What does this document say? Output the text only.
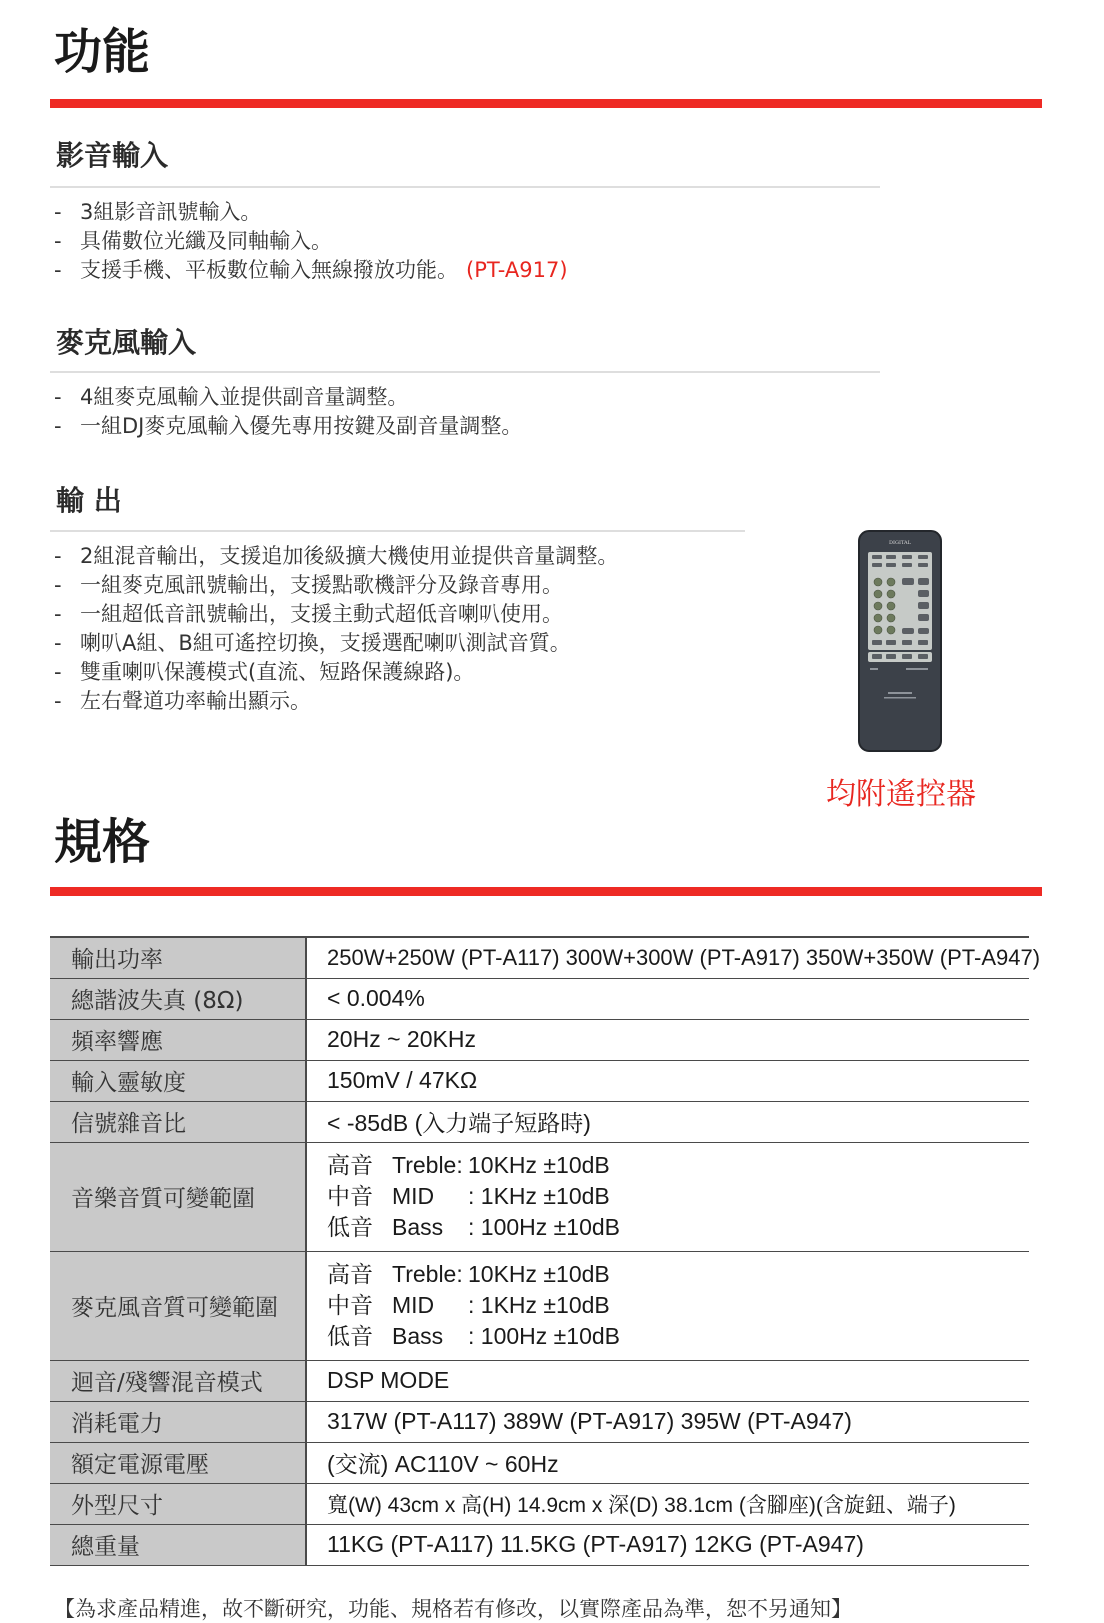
功能
影音輸入
- 3組影音訊號輸入。
- 具備數位光纖及同軸輸入。
- 支援手機、平板數位輸入無線撥放功能。 (PT-A917)
麥克風輸入
- 4組麥克風輸入並提供副音量調整。
- 一組DJ麥克風輸入優先專用按鍵及副音量調整。
輸 出
- 2組混音輸出，支援追加後級擴大機使用並提供音量調整。
- 一組麥克風訊號輸出，支援點歌機評分及錄音專用。
- 一組超低音訊號輸出，支援主動式超低音喇叭使用。
- 喇叭A組、B組可遙控切換，支援選配喇叭測試音質。
- 雙重喇叭保護模式(直流、短路保護線路)。
- 左右聲道功率輸出顯示。
DIGITAL

均附遙控器

規格
輸出功率	250W+250W (PT-A117) 300W+300W (PT-A917) 350W+350W (PT-A947)
總諧波失真 (8Ω)	< 0.004%
頻率響應	20Hz ~ 20KHz
輸入靈敏度	150mV / 47KΩ
信號雜音比	< -85dB (入力端子短路時)
音樂音質可變範圍	高音 Treble: 10KHz ±10dB
中音 MID : 1KHz ±10dB
低音 Bass : 100Hz ±10dB

麥克風音質可變範圍	高音 Treble: 10KHz ±10dB
中音 MID : 1KHz ±10dB
低音 Bass : 100Hz ±10dB

迴音/殘響混音模式	DSP MODE
消耗電力	317W (PT-A117) 389W (PT-A917) 395W (PT-A947)
額定電源電壓	(交流) AC110V ~ 60Hz
外型尺寸	寬(W) 43cm x 高(H) 14.9cm x 深(D) 38.1cm (含腳座)(含旋鈕、端子)
總重量	11KG (PT-A117) 11.5KG (PT-A917) 12KG (PT-A947)

【為求產品精進，故不斷研究，功能、規格若有修改，以實際產品為準，恕不另通知】
